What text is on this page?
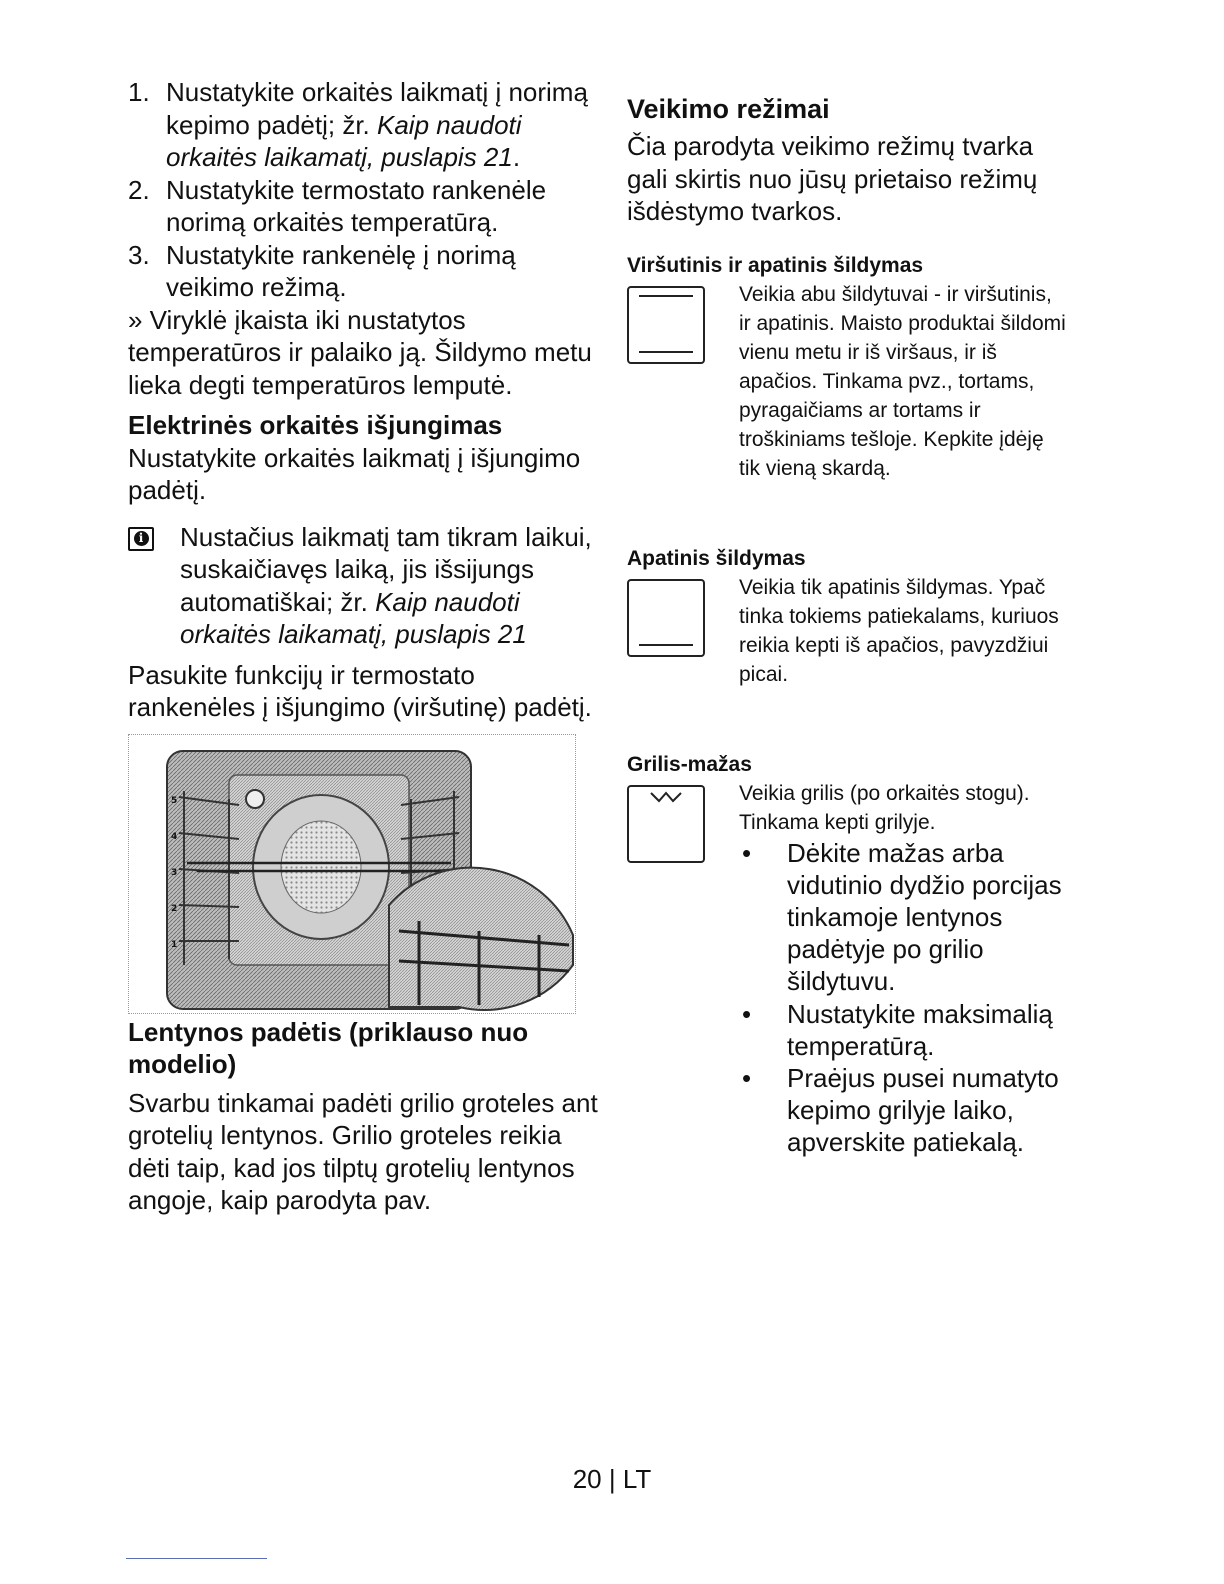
1. Nustatykite orkaitės laikmatį į norimą kepimo padėtį; žr. Kaip naudoti orkaitės laikamatį, puslapis 21.
2. Nustatykite termostato rankenėle norimą orkaitės temperatūrą.
3. Nustatykite rankenėlę į norimą veikimo režimą.

» Viryklė įkaista iki nustatytos temperatūros ir palaiko ją. Šildymo metu lieka degti temperatūros lemputė.

Elektrinės orkaitės išjungimas

Nustatykite orkaitės laikmatį į išjungimo padėtį.

i Nustačius laikmatį tam tikram laikui, suskaičiavęs laiką, jis išsijungs automatiškai; žr. Kaip naudoti orkaitės laikamatį, puslapis 21

Pasukite funkcijų ir termostato rankenėles į išjungimo (viršutinę) padėtį.

5
4
3
2
1

Lentynos padėtis (priklauso nuo modelio)

Svarbu tinkamai padėti grilio groteles ant grotelių lentynos. Grilio groteles reikia dėti taip, kad jos tilptų grotelių lentynos angoje, kaip parodyta pav.

Veikimo režimai

Čia parodyta veikimo režimų tvarka gali skirtis nuo jūsų prietaiso režimų išdėstymo tvarkos.

Viršutinis ir apatinis šildymas

Veikia abu šildytuvai - ir viršutinis, ir apatinis. Maisto produktai šildomi vienu metu ir iš viršaus, ir iš apačios. Tinkama pvz., tortams, pyragaičiams ar tortams ir troškiniams tešloje. Kepkite įdėję tik vieną skardą.

Apatinis šildymas

Veikia tik apatinis šildymas. Ypač tinka tokiems patiekalams, kuriuos reikia kepti iš apačios, pavyzdžiui picai.

Grilis-mažas

Veikia grilis (po orkaitės stogu). Tinkama kepti grilyje.
• Dėkite mažas arba vidutinio dydžio porcijas tinkamoje lentynos padėtyje po grilio šildytuvu.
• Nustatykite maksimalią temperatūrą.
• Praėjus pusei numatyto kepimo grilyje laiko, apverskite patiekalą.
20 | LT
